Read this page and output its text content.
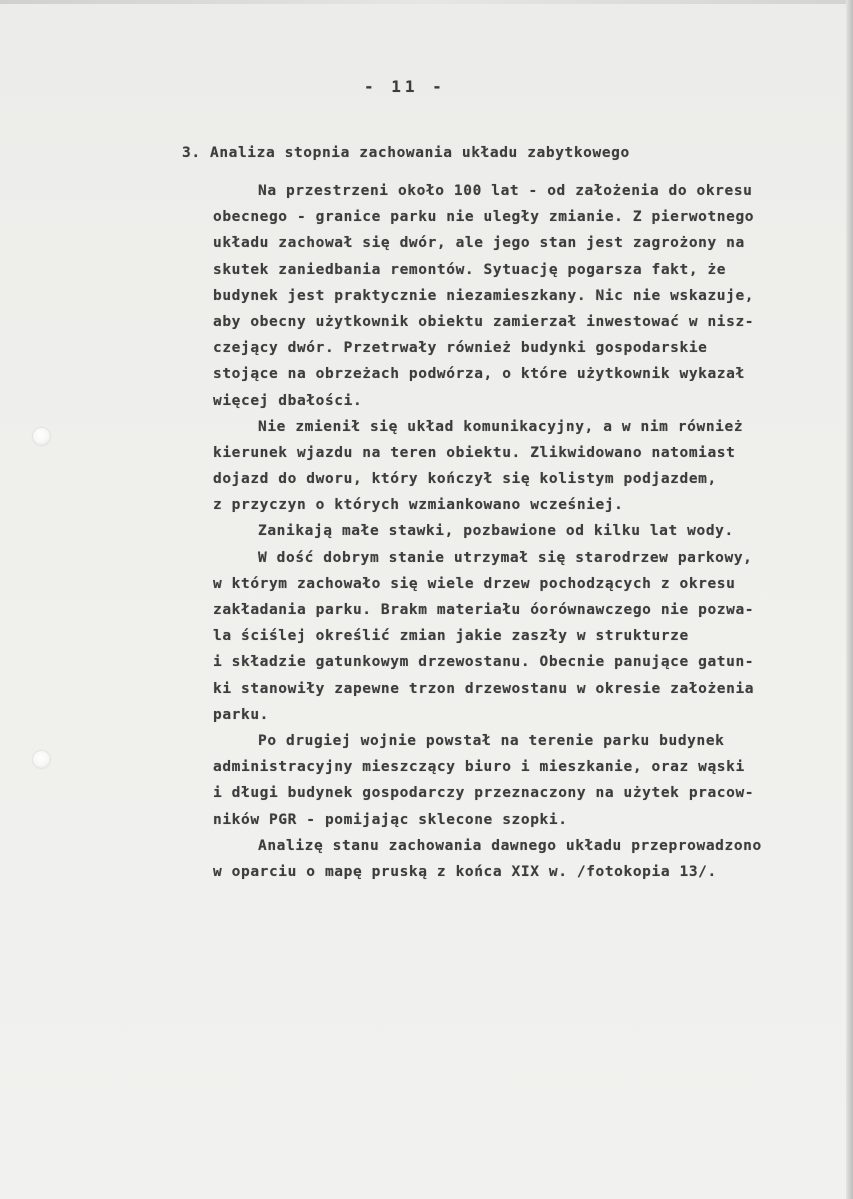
- 11 -
3. Analiza stopnia zachowania układu zabytkowego
Na przestrzeni około 100 lat - od założenia do okresu
obecnego - granice parku nie uległy zmianie. Z pierwotnego
układu zachował się dwór, ale jego stan jest zagrożony na
skutek zaniedbania remontów. Sytuację pogarsza fakt, że
budynek jest praktycznie niezamieszkany. Nic nie wskazuje,
aby obecny użytkownik obiektu zamierzał inwestować w nisz-
czejący dwór. Przetrwały również budynki gospodarskie
stojące na obrzeżach podwórza, o które użytkownik wykazał
więcej dbałości.
Nie zmienił się układ komunikacyjny, a w nim również
kierunek wjazdu na teren obiektu. Zlikwidowano natomiast
dojazd do dworu, który kończył się kolistym podjazdem,
z przyczyn o których wzmiankowano wcześniej.
Zanikają małe stawki, pozbawione od kilku lat wody.
W dość dobrym stanie utrzymał się starodrzew parkowy,
w którym zachowało się wiele drzew pochodzących z okresu
zakładania parku. Brakm materiału óorównawczego nie pozwa-
la ściślej określić zmian jakie zaszły w strukturze
i składzie gatunkowym drzewostanu. Obecnie panujące gatun-
ki stanowiły zapewne trzon drzewostanu w okresie założenia
parku.
Po drugiej wojnie powstał na terenie parku budynek
administracyjny mieszczący biuro i mieszkanie, oraz wąski
i długi budynek gospodarczy przeznaczony na użytek pracow-
ników PGR - pomijając sklecone szopki.
Analizę stanu zachowania dawnego układu przeprowadzono
w oparciu o mapę pruską z końca XIX w. /fotokopia 13/.
